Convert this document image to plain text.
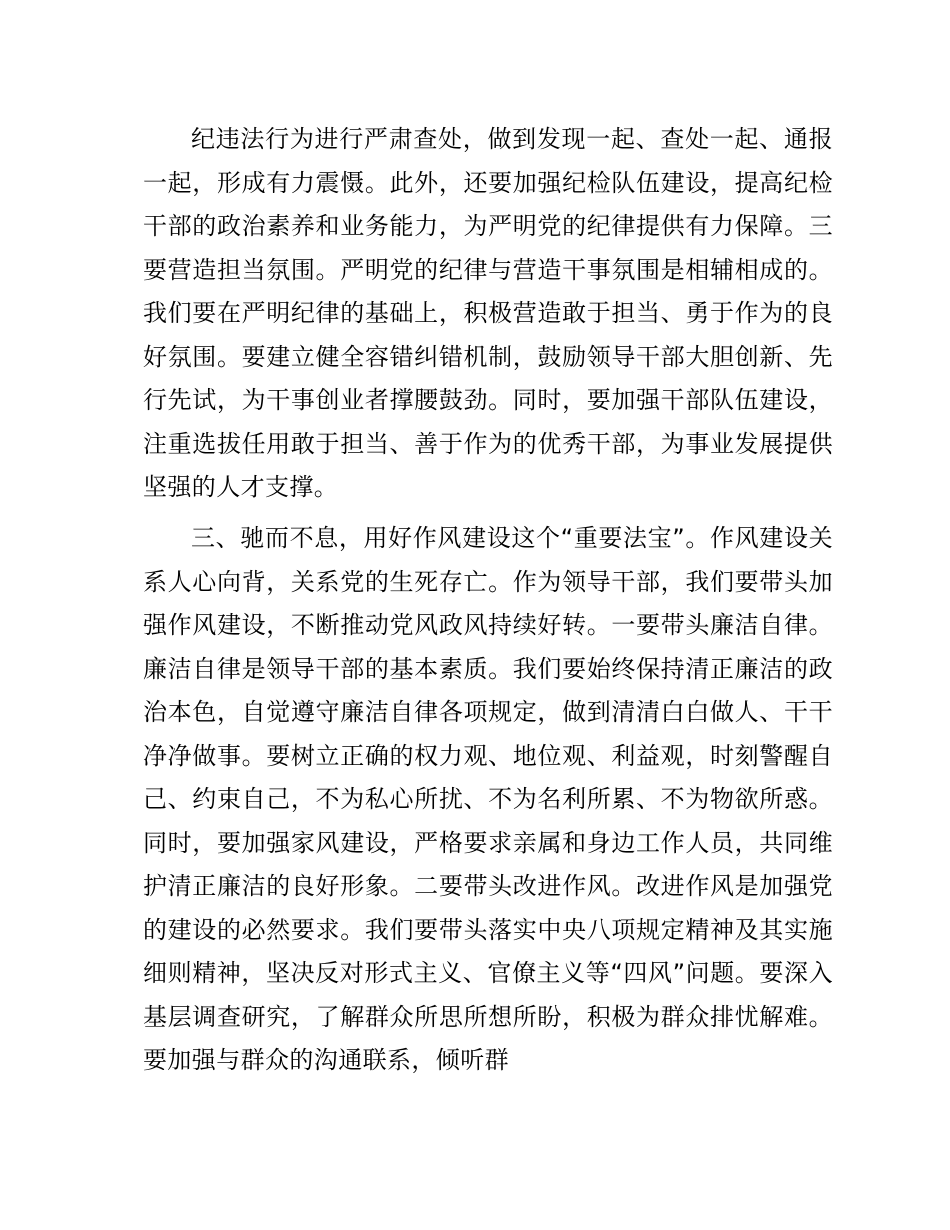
纪违法行为进行严肃查处，做到发现一起、查处一起、通报一起，形成有力震慑。此外，还要加强纪检队伍建设，提高纪检干部的政治素养和业务能力，为严明党的纪律提供有力保障。三要营造担当氛围。严明党的纪律与营造干事氛围是相辅相成的。我们要在严明纪律的基础上，积极营造敢于担当、勇于作为的良好氛围。要建立健全容错纠错机制，鼓励领导干部大胆创新、先行先试，为干事创业者撑腰鼓劲。同时，要加强干部队伍建设，注重选拔任用敢于担当、善于作为的优秀干部，为事业发展提供坚强的人才支撑。

三、驰而不息，用好作风建设这个“重要法宝”。作风建设关系人心向背，关系党的生死存亡。作为领导干部，我们要带头加强作风建设，不断推动党风政风持续好转。一要带头廉洁自律。廉洁自律是领导干部的基本素质。我们要始终保持清正廉洁的政治本色，自觉遵守廉洁自律各项规定，做到清清白白做人、干干净净做事。要树立正确的权力观、地位观、利益观，时刻警醒自己、约束自己，不为私心所扰、不为名利所累、不为物欲所惑。同时，要加强家风建设，严格要求亲属和身边工作人员，共同维护清正廉洁的良好形象。二要带头改进作风。改进作风是加强党的建设的必然要求。我们要带头落实中央八项规定精神及其实施细则精神，坚决反对形式主义、官僚主义等“四风”问题。要深入基层调查研究，了解群众所思所想所盼，积极为群众排忧解难。要加强与群众的沟通联系，倾听群
